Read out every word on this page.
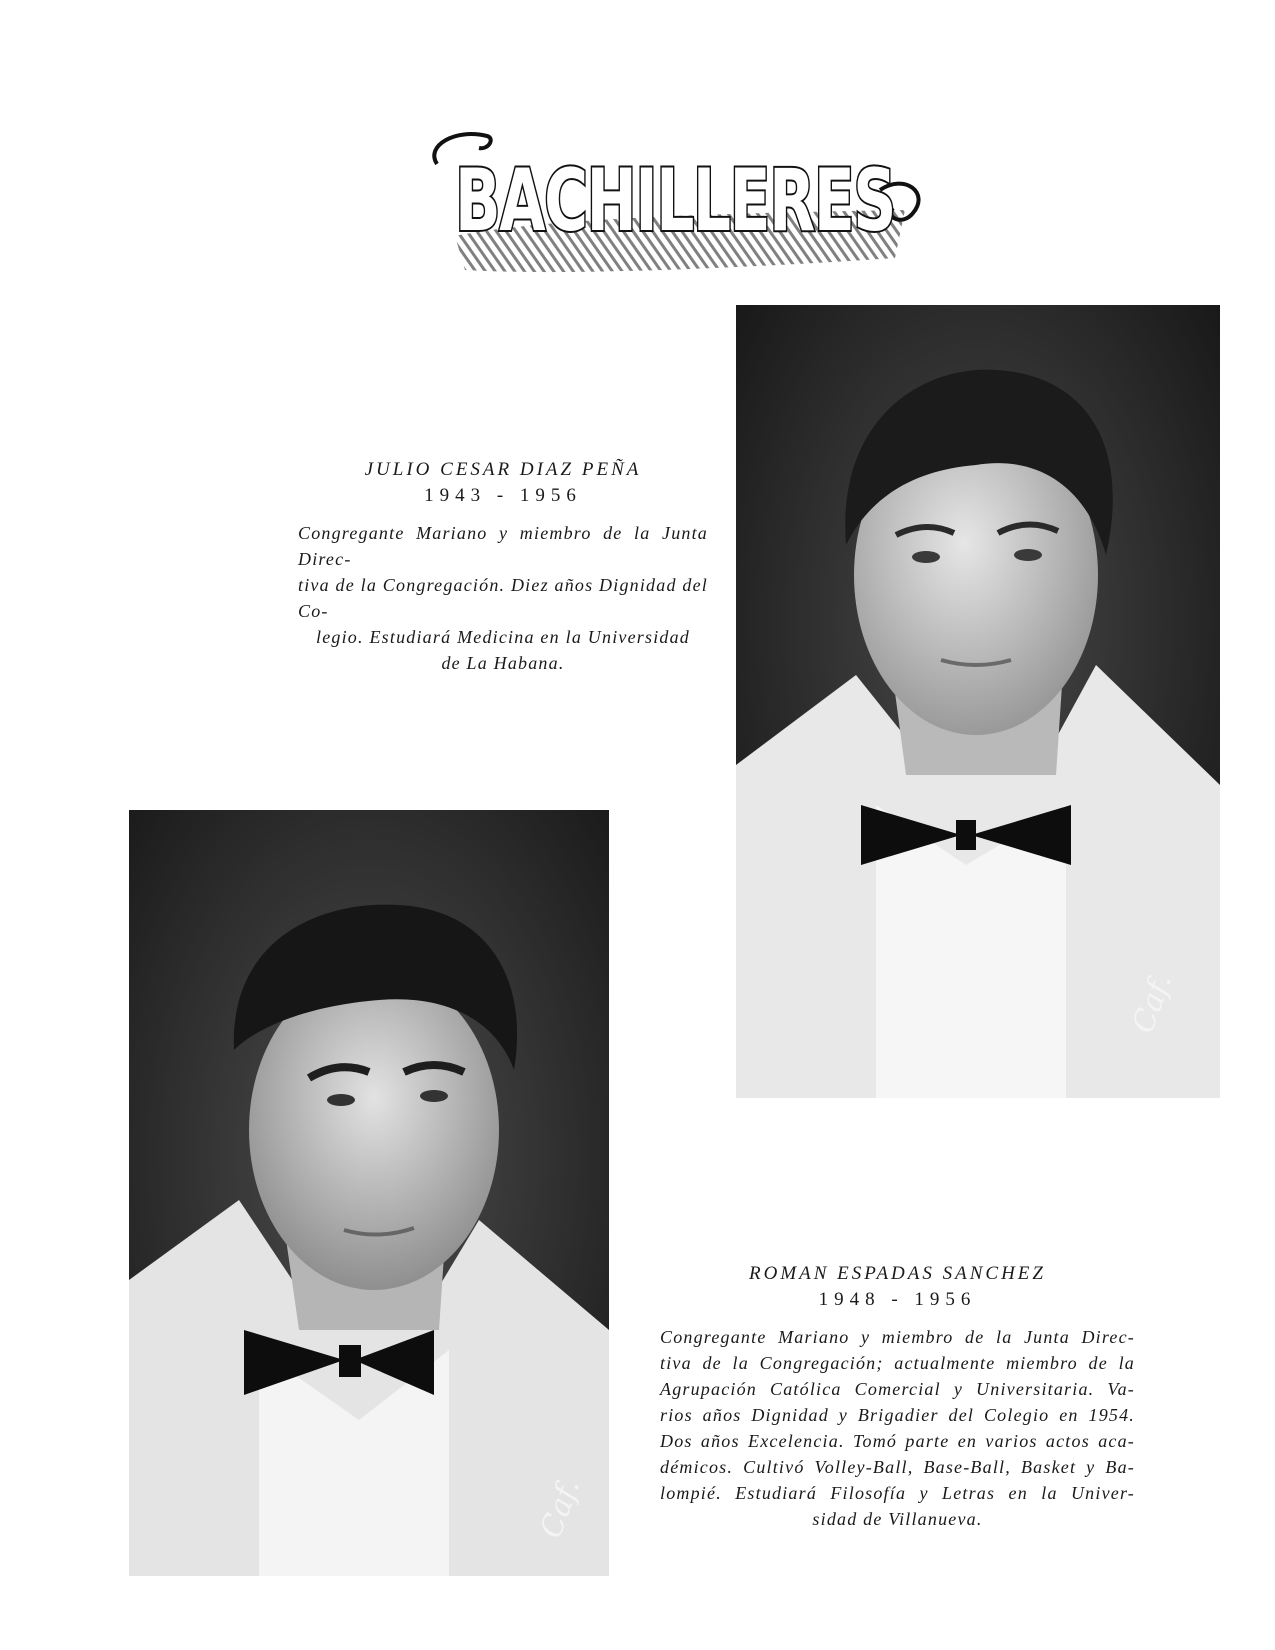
BACHILLERES
Caf.

JULIO CESAR DIAZ PEÑA

1943 - 1956

Congregante Mariano y miembro de la Junta Direc-
tiva de la Congregación. Diez años Dignidad del Co-
legio. Estudiará Medicina en la Universidad
de La Habana.

Caf.

ROMAN ESPADAS SANCHEZ

1948 - 1956

Congregante Mariano y miembro de la Junta Direc-
tiva de la Congregación; actualmente miembro de la
Agrupación Católica Comercial y Universitaria. Va-
rios años Dignidad y Brigadier del Colegio en 1954.
Dos años Excelencia. Tomó parte en varios actos aca-
démicos. Cultivó Volley-Ball, Base-Ball, Basket y Ba-
lompié. Estudiará Filosofía y Letras en la Univer-
sidad de Villanueva.
